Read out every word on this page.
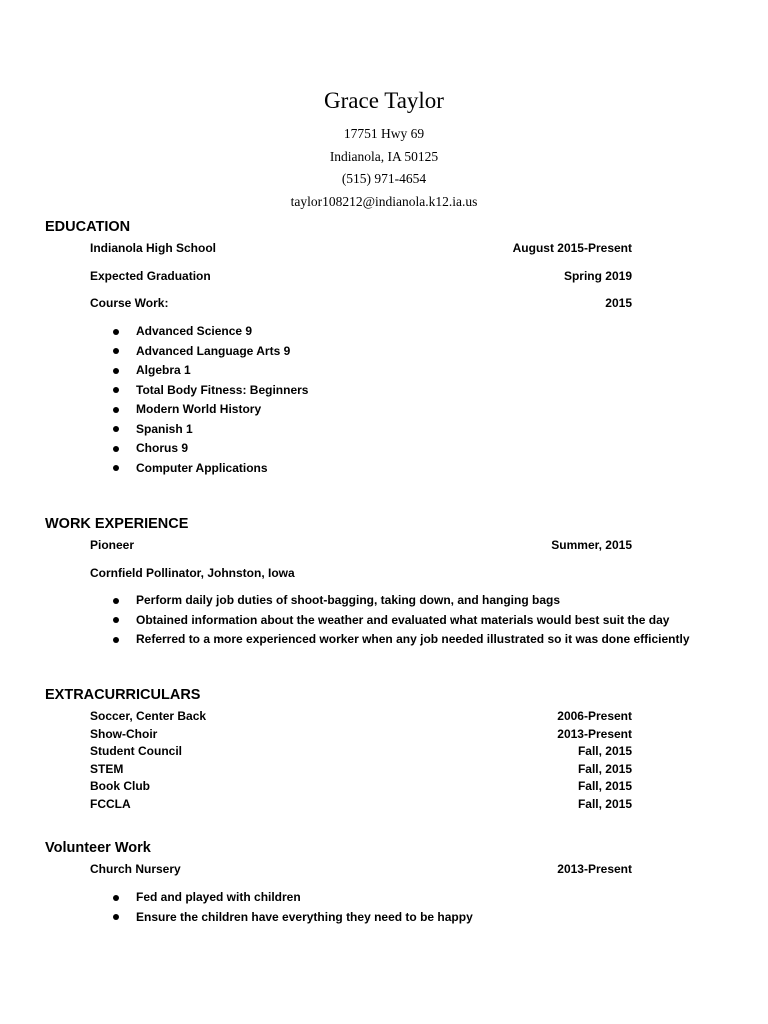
Grace Taylor
17751 Hwy 69
Indianola, IA 50125
(515) 971-4654
taylor108212@indianola.k12.ia.us
EDUCATION
Indianola High School	August 2015-Present
Expected Graduation	Spring 2019
Course Work:	2015
Advanced Science 9
Advanced Language Arts 9
Algebra 1
Total Body Fitness: Beginners
Modern World History
Spanish 1
Chorus 9
Computer Applications
WORK EXPERIENCE
Pioneer	Summer, 2015
Cornfield Pollinator, Johnston, Iowa
Perform daily job duties of shoot-bagging, taking down, and hanging bags
Obtained information about the weather and evaluated what materials would best suit the day
Referred to a more experienced worker when any job needed illustrated so it was done efficiently
EXTRACURRICULARS
Soccer, Center Back	2006-Present
Show-Choir	2013-Present
Student Council	Fall, 2015
STEM	Fall, 2015
Book Club	Fall, 2015
FCCLA	Fall, 2015
Volunteer Work
Church Nursery	2013-Present
Fed and played with children
Ensure the children have everything they need to be happy
